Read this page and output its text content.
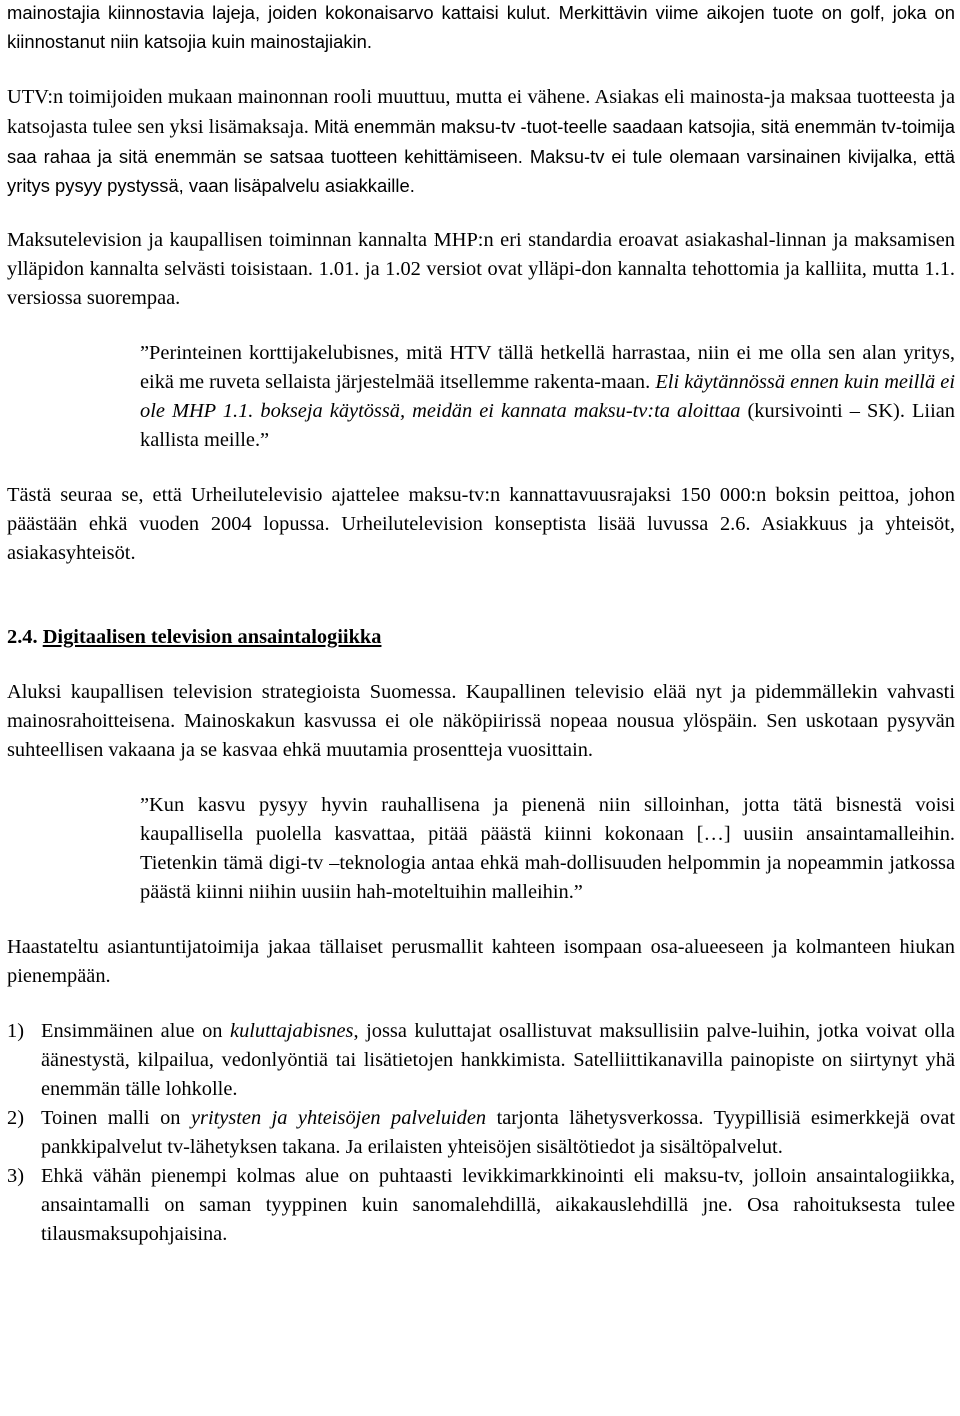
mainostajia kiinnostavia lajeja, joiden kokonaisarvo kattaisi kulut. Merkittävin viime aikojen tuote on golf, joka on kiinnostanut niin katsojia kuin mainostajiakin.

UTV:n toimijoiden mukaan mainonnan rooli muuttuu, mutta ei vähene. Asiakas eli mainosta-ja maksaa tuotteesta ja katsojasta tulee sen yksi lisämaksaja. Mitä enemmän maksu-tv -tuot-teelle saadaan katsojia, sitä enemmän tv-toimija saa rahaa ja sitä enemmän se satsaa tuotteen kehittämiseen. Maksu-tv ei tule olemaan varsinainen kivijalka, että yritys pysyy pystyssä, vaan lisäpalvelu asiakkaille.

Maksutelevision ja kaupallisen toiminnan kannalta MHP:n eri standardia eroavat asiakashal-linnan ja maksamisen ylläpidon kannalta selvästi toisistaan. 1.01. ja 1.02 versiot ovat ylläpi-don kannalta tehottomia ja kalliita, mutta 1.1. versiossa suorempaa.

”Perinteinen korttijakelubisnes, mitä HTV tällä hetkellä harrastaa, niin ei me olla sen alan yritys, eikä me ruveta sellaista järjestelmää itsellemme rakenta-maan. Eli käytännössä ennen kuin meillä ei ole MHP 1.1. bokseja käytössä, meidän ei kannata maksu-tv:ta aloittaa (kursivointi – SK). Liian kallista meille.”

Tästä seuraa se, että Urheilutelevisio ajattelee maksu-tv:n kannattavuusrajaksi 150 000:n boksin peittoa, johon päästään ehkä vuoden 2004 lopussa. Urheilutelevision konseptista lisää luvussa 2.6. Asiakkuus ja yhteisöt, asiakasyhteisöt.

2.4. Digitaalisen television ansaintalogiikka

Aluksi kaupallisen television strategioista Suomessa. Kaupallinen televisio elää nyt ja pidemmällekin vahvasti mainosrahoitteisena. Mainoskakun kasvussa ei ole näköpiirissä nopeaa nousua ylöspäin. Sen uskotaan pysyvän suhteellisen vakaana ja se kasvaa ehkä muutamia prosentteja vuosittain.

”Kun kasvu pysyy hyvin rauhallisena ja pienenä niin silloinhan, jotta tätä bisnestä voisi kaupallisella puolella kasvattaa, pitää päästä kiinni kokonaan […] uusiin ansaintamalleihin. Tietenkin tämä digi-tv –teknologia antaa ehkä mah-dollisuuden helpommin ja nopeammin jatkossa päästä kiinni niihin uusiin hah-moteltuihin malleihin.”

Haastateltu asiantuntijatoimija jakaa tällaiset perusmallit kahteen isompaan osa-alueeseen ja kolmanteen hiukan pienempään.

1) Ensimmäinen alue on kuluttajabisnes, jossa kuluttajat osallistuvat maksullisiin palve-luihin, jotka voivat olla äänestystä, kilpailua, vedonlyöntiä tai lisätietojen hankkimista. Satelliittikanavilla painopiste on siirtynyt yhä enemmän tälle lohkolle.
2) Toinen malli on yritysten ja yhteisöjen palveluiden tarjonta lähetysverkossa. Tyypillisiä esimerkkejä ovat pankkipalvelut tv-lähetyksen takana. Ja erilaisten yhteisöjen sisältötiedot ja sisältöpalvelut.
3) Ehkä vähän pienempi kolmas alue on puhtaasti levikkimarkkinointi eli maksu-tv, jolloin ansaintalogiikka, ansaintamalli on saman tyyppinen kuin sanomalehdillä, aikakauslehdillä jne. Osa rahoituksesta tulee tilausmaksupohjaisina.
